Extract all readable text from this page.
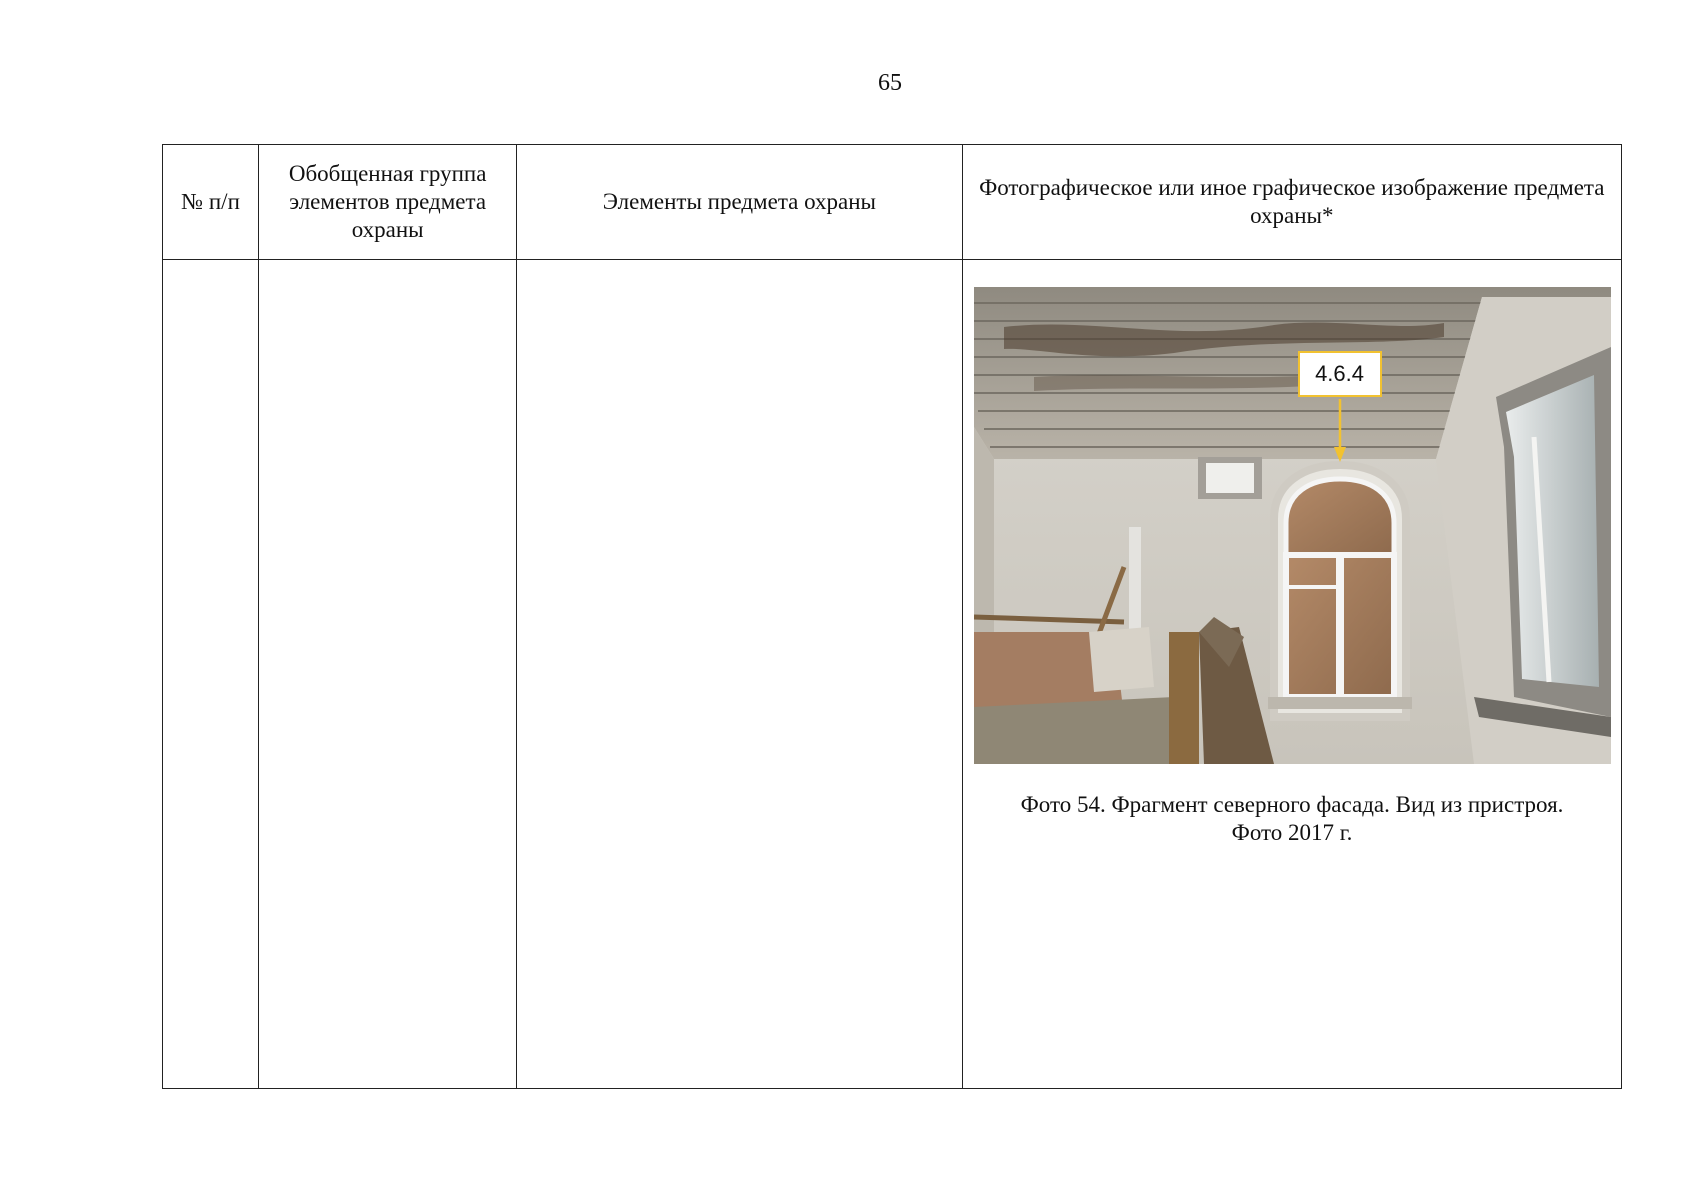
65
№ п/п	Обобщенная группа элементов предмета охраны	Элементы предмета охраны	Фотографическое или иное графическое изображение предмета охраны*

			4.6.4
Фото 54. Фрагмент северного фасада. Вид из пристроя.
Фото 2017 г.
